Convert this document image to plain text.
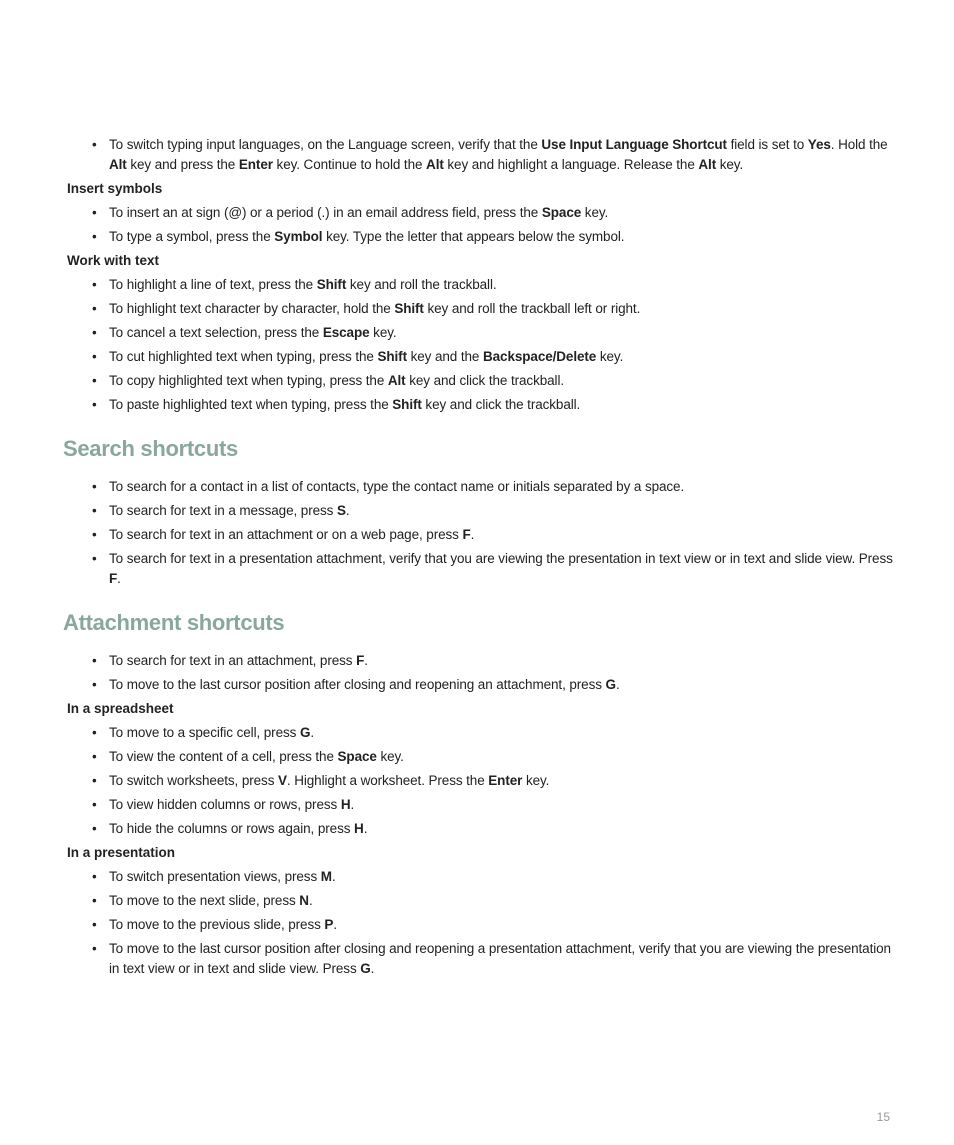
• To switch typing input languages, on the Language screen, verify that the Use Input Language Shortcut field is set to Yes. Hold the Alt key and press the Enter key. Continue to hold the Alt key and highlight a language. Release the Alt key.
Insert symbols
• To insert an at sign (@) or a period (.) in an email address field, press the Space key.
• To type a symbol, press the Symbol key. Type the letter that appears below the symbol.
Work with text
• To highlight a line of text, press the Shift key and roll the trackball.
• To highlight text character by character, hold the Shift key and roll the trackball left or right.
• To cancel a text selection, press the Escape key.
• To cut highlighted text when typing, press the Shift key and the Backspace/Delete key.
• To copy highlighted text when typing, press the Alt key and click the trackball.
• To paste highlighted text when typing, press the Shift key and click the trackball.
Search shortcuts
• To search for a contact in a list of contacts, type the contact name or initials separated by a space.
• To search for text in a message, press S.
• To search for text in an attachment or on a web page, press F.
• To search for text in a presentation attachment, verify that you are viewing the presentation in text view or in text and slide view. Press F.
Attachment shortcuts
• To search for text in an attachment, press F.
• To move to the last cursor position after closing and reopening an attachment, press G.
In a spreadsheet
• To move to a specific cell, press G.
• To view the content of a cell, press the Space key.
• To switch worksheets, press V. Highlight a worksheet. Press the Enter key.
• To view hidden columns or rows, press H.
• To hide the columns or rows again, press H.
In a presentation
• To switch presentation views, press M.
• To move to the next slide, press N.
• To move to the previous slide, press P.
• To move to the last cursor position after closing and reopening a presentation attachment, verify that you are viewing the presentation in text view or in text and slide view. Press G.
15
